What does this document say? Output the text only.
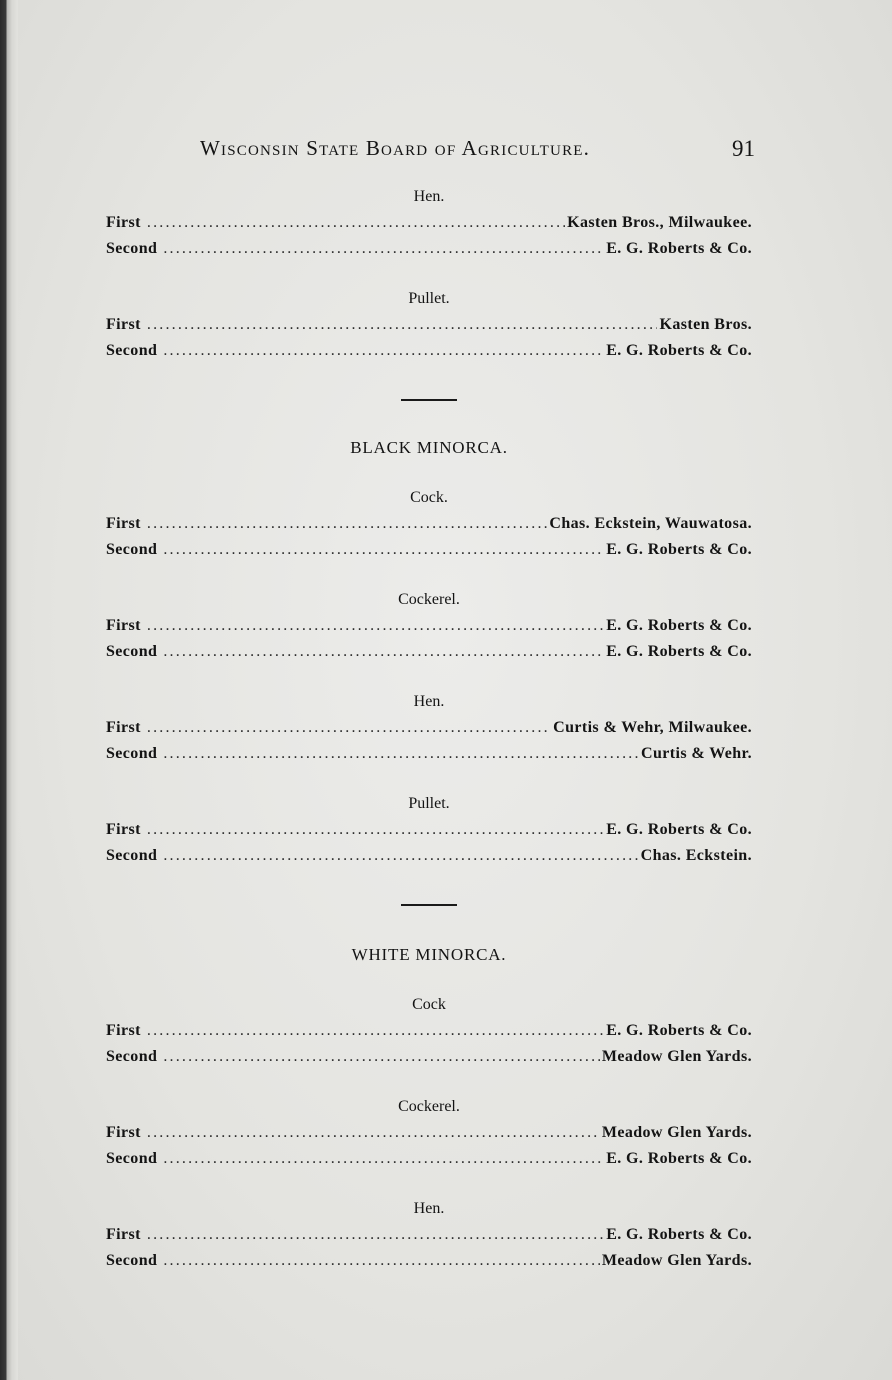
Wisconsin State Board of Agriculture.	91
Hen.
First .....	Kasten Bros., Milwaukee.
Second .....	E. G. Roberts & Co.
Pullet.
First .....	Kasten Bros.
Second .....	E. G. Roberts & Co.
BLACK MINORCA.
Cock.
First .....	Chas. Eckstein, Wauwatosa.
Second .....	E. G. Roberts & Co.
Cockerel.
First .....	E. G. Roberts & Co.
Second .....	E. G. Roberts & Co.
Hen.
First .....	Curtis & Wehr, Milwaukee.
Second .....	Curtis & Wehr.
Pullet.
First .....	E. G. Roberts & Co.
Second .....	Chas. Eckstein.
WHITE MINORCA.
Cock
First .....	E. G. Roberts & Co.
Second .....	Meadow Glen Yards.
Cockerel.
First .....	Meadow Glen Yards.
Second .....	E. G. Roberts & Co.
Hen.
First .....	E. G. Roberts & Co.
Second .....	Meadow Glen Yards.
